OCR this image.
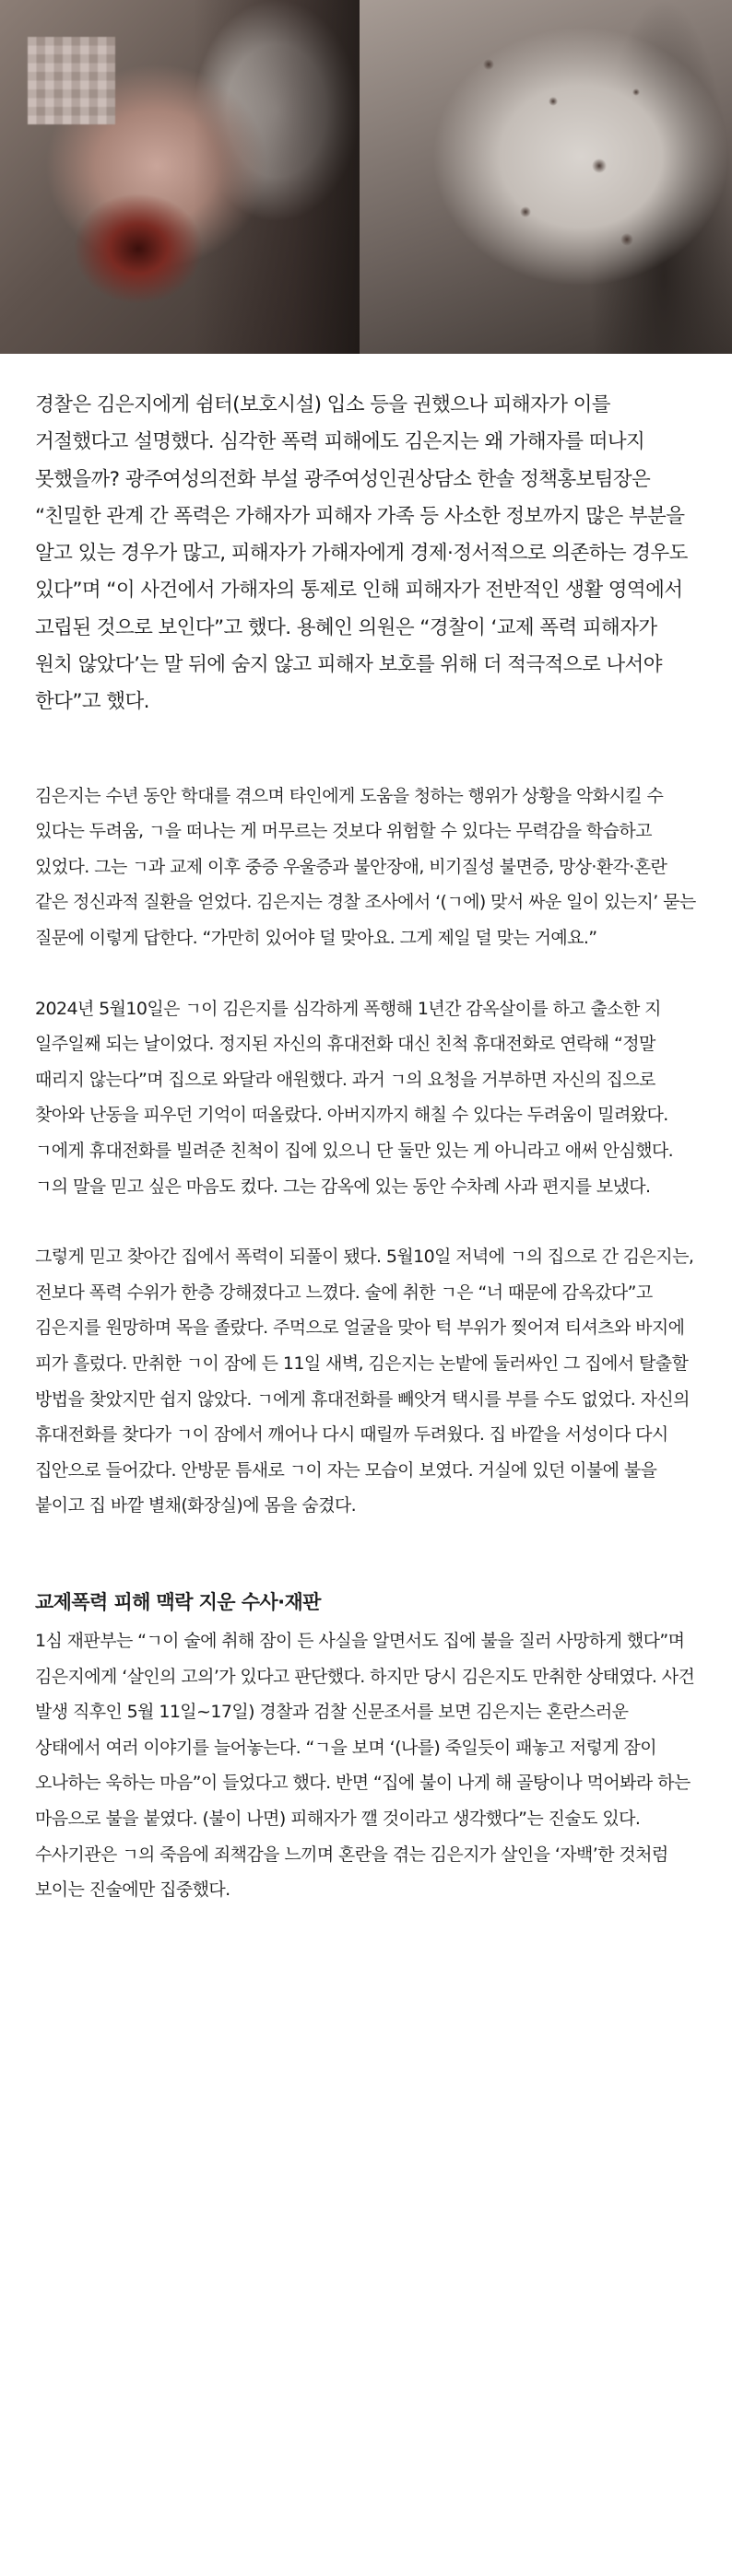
경찰은 김은지에게 쉼터(보호시설) 입소 등을 권했으나 피해자가 이를 거절했다고 설명했다. 심각한 폭력 피해에도 김은지는 왜 가해자를 떠나지 못했을까? 광주여성의전화 부설 광주여성인권상담소 한솔 정책홍보팀장은 “친밀한 관계 간 폭력은 가해자가 피해자 가족 등 사소한 정보까지 많은 부분을 알고 있는 경우가 많고, 피해자가 가해자에게 경제·정서적으로 의존하는 경우도 있다”며 “이 사건에서 가해자의 통제로 인해 피해자가 전반적인 생활 영역에서 고립된 것으로 보인다”고 했다. 용혜인 의원은 “경찰이 ‘교제 폭력 피해자가 원치 않았다’는 말 뒤에 숨지 않고 피해자 보호를 위해 더 적극적으로 나서야 한다”고 했다.

김은지는 수년 동안 학대를 겪으며 타인에게 도움을 청하는 행위가 상황을 악화시킬 수 있다는 두려움, ㄱ을 떠나는 게 머무르는 것보다 위험할 수 있다는 무력감을 학습하고 있었다. 그는 ㄱ과 교제 이후 중증 우울증과 불안장애, 비기질성 불면증, 망상·환각·혼란 같은 정신과적 질환을 얻었다. 김은지는 경찰 조사에서 ‘(ㄱ에) 맞서 싸운 일이 있는지’ 묻는 질문에 이렇게 답한다. “가만히 있어야 덜 맞아요. 그게 제일 덜 맞는 거예요.”

2024년 5월10일은 ㄱ이 김은지를 심각하게 폭행해 1년간 감옥살이를 하고 출소한 지 일주일째 되는 날이었다. 정지된 자신의 휴대전화 대신 친척 휴대전화로 연락해 “정말 때리지 않는다”며 집으로 와달라 애원했다. 과거 ㄱ의 요청을 거부하면 자신의 집으로 찾아와 난동을 피우던 기억이 떠올랐다. 아버지까지 해칠 수 있다는 두려움이 밀려왔다. ㄱ에게 휴대전화를 빌려준 친척이 집에 있으니 단 둘만 있는 게 아니라고 애써 안심했다. ㄱ의 말을 믿고 싶은 마음도 컸다. 그는 감옥에 있는 동안 수차례 사과 편지를 보냈다.

그렇게 믿고 찾아간 집에서 폭력이 되풀이 됐다. 5월10일 저녁에 ㄱ의 집으로 간 김은지는, 전보다 폭력 수위가 한층 강해졌다고 느꼈다. 술에 취한 ㄱ은 “너 때문에 감옥갔다”고 김은지를 원망하며 목을 졸랐다. 주먹으로 얼굴을 맞아 턱 부위가 찢어져 티셔츠와 바지에 피가 흘렀다. 만취한 ㄱ이 잠에 든 11일 새벽, 김은지는 논밭에 둘러싸인 그 집에서 탈출할 방법을 찾았지만 쉽지 않았다. ㄱ에게 휴대전화를 빼앗겨 택시를 부를 수도 없었다. 자신의 휴대전화를 찾다가 ㄱ이 잠에서 깨어나 다시 때릴까 두려웠다. 집 바깥을 서성이다 다시 집안으로 들어갔다. 안방문 틈새로 ㄱ이 자는 모습이 보였다. 거실에 있던 이불에 불을 붙이고 집 바깥 별채(화장실)에 몸을 숨겼다.

교제폭력 피해 맥락 지운 수사·재판

1심 재판부는 “ㄱ이 술에 취해 잠이 든 사실을 알면서도 집에 불을 질러 사망하게 했다”며 김은지에게 ‘살인의 고의’가 있다고 판단했다. 하지만 당시 김은지도 만취한 상태였다. 사건 발생 직후인 5월 11일~17일) 경찰과 검찰 신문조서를 보면 김은지는 혼란스러운 상태에서 여러 이야기를 늘어놓는다. “ㄱ을 보며 ‘(나를) 죽일듯이 패놓고 저렇게 잠이 오나하는 욱하는 마음”이 들었다고 했다. 반면 “집에 불이 나게 해 골탕이나 먹어봐라 하는 마음으로 불을 붙였다. (불이 나면) 피해자가 깰 것이라고 생각했다”는 진술도 있다. 수사기관은 ㄱ의 죽음에 죄책감을 느끼며 혼란을 겪는 김은지가 살인을 ‘자백’한 것처럼 보이는 진술에만 집중했다.
